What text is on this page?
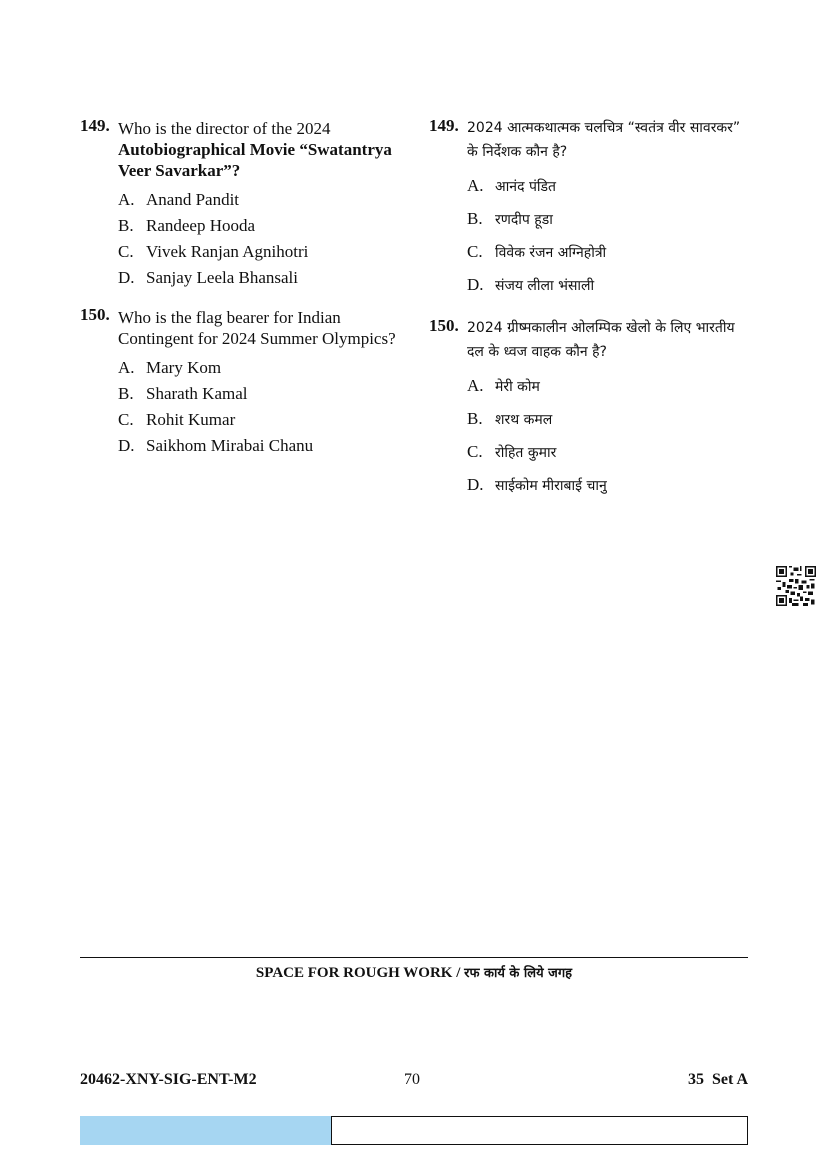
149. Who is the director of the 2024 Autobiographical Movie “Swatantrya Veer Savarkar”?
A. Anand Pandit
B. Randeep Hooda
C. Vivek Ranjan Agnihotri
D. Sanjay Leela Bhansali
150. Who is the flag bearer for Indian Contingent for 2024 Summer Olympics?
A. Mary Kom
B. Sharath Kamal
C. Rohit Kumar
D. Saikhom Mirabai Chanu
149. 2024 आत्मकथात्मक चलचित्र “स्वतंत्र वीर सावरकर” के निर्देशक कौन है?
A. आनंद पंडित
B. रणदीप हूडा
C. विवेक रंजन अग्निहोत्री
D. संजय लीला भंसाली
150. 2024 ग्रीष्मकालीन ओलम्पिक खेलो के लिए भारतीय दल के ध्वज वाहक कौन है?
A. मेरी कोम
B. शरथ कमल
C. रोहित कुमार
D. साईकोम मीराबाई चानु
SPACE FOR ROUGH WORK / रफ कार्य के लिये जगह
20462-XNY-SIG-ENT-M2	70	35 Set A
